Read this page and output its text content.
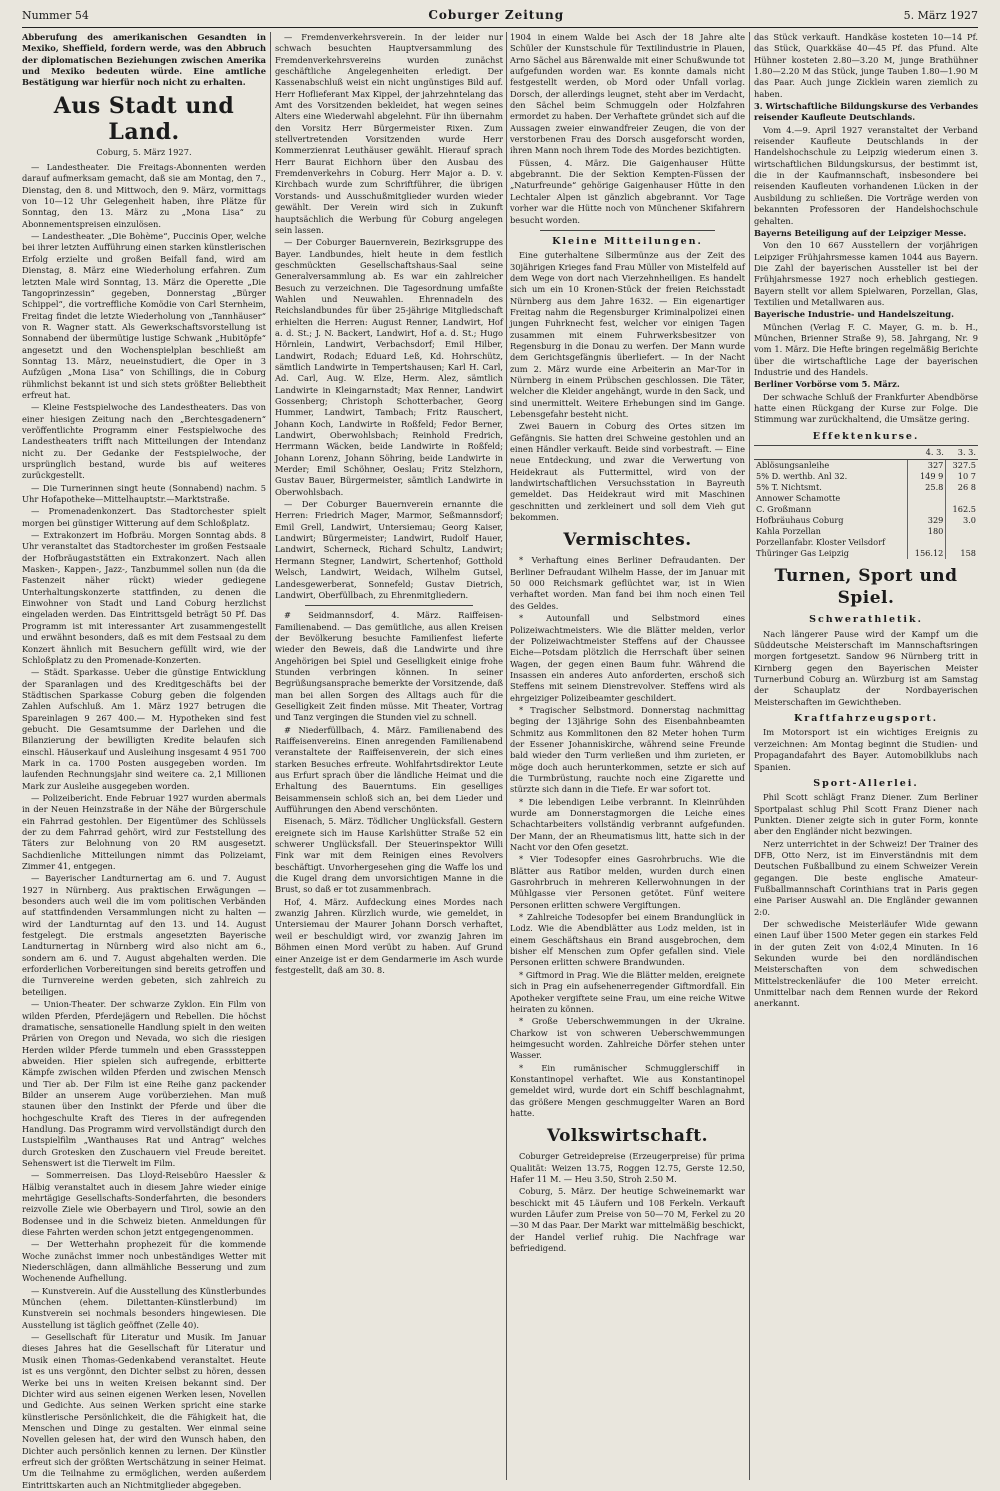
Nummer 54	Coburger Zeitung	5. März 1927

Abberufung des amerikanischen Gesandten in Mexiko, Sheffield, fordern werde, was den Abbruch der diplomatischen Beziehungen zwischen Amerika und Mexiko bedeuten würde. Eine amtliche Bestätigung war hierfür noch nicht zu erhalten.

Aus Stadt und Land.

Coburg, 5. März 1927.

— Landestheater. Die Freitags-Abonnenten werden darauf aufmerksam gemacht, daß sie am Montag, den 7., Dienstag, den 8. und Mittwoch, den 9. März, vormittags von 10—12 Uhr Gelegenheit haben, ihre Plätze für Sonntag, den 13. März zu „Mona Lisa“ zu Abonnementspreisen einzulösen.

— Landestheater. „Die Bohème“, Puccinis Oper, welche bei ihrer letzten Aufführung einen starken künstlerischen Erfolg erzielte und großen Beifall fand, wird am Dienstag, 8. März eine Wiederholung erfahren. Zum letzten Male wird Sonntag, 13. März die Operette „Die Tangoprinzessin“ gegeben, Donnerstag „Bürger Schippel“, die vortreffliche Komödie von Carl Sternheim, Freitag findet die letzte Wiederholung von „Tannhäuser“ von R. Wagner statt. Als Gewerkschaftsvorstellung ist Sonnabend der übermütige lustige Schwank „Hubitöpfe“ angesetzt und den Wochenspielplan beschließt am Sonntag 13. März, neueinstudiert, die Oper in 3 Aufzügen „Mona Lisa“ von Schillings, die in Coburg rühmlichst bekannt ist und sich stets größter Beliebtheit erfreut hat.

— Kleine Festspielwoche des Landestheaters. Das von einer hiesigen Zeitung nach den „Berchtesgadenern“ veröffentlichte Programm einer Festspielwoche des Landestheaters trifft nach Mitteilungen der Intendanz nicht zu. Der Gedanke der Festspielwoche, der ursprünglich bestand, wurde bis auf weiteres zurückgestellt.

— Die Turnerinnen singt heute (Sonnabend) nachm. 5 Uhr Hofapotheke—Mittelhauptstr.—Marktstraße.

— Promenadenkonzert. Das Stadtorchester spielt morgen bei günstiger Witterung auf dem Schloßplatz.

— Extrakonzert im Hofbräu. Morgen Sonntag abds. 8 Uhr veranstaltet das Stadtorchester im großen Festsaale der Hofbräugaststätten ein Extrakonzert. Nach allen Masken-, Kappen-, Jazz-, Tanzbummel sollen nun (da die Fastenzeit näher rückt) wieder gediegene Unterhaltungskonzerte stattfinden, zu denen die Einwohner von Stadt und Land Coburg herzlichst eingeladen werden. Das Eintrittsgeld beträgt 50 Pf. Das Programm ist mit interessanter Art zusammengestellt und erwähnt besonders, daß es mit dem Festsaal zu dem Konzert ähnlich mit Besuchern gefüllt wird, wie der Schloßplatz zu den Promenade-Konzerten.

— Städt. Sparkasse. Ueber die günstige Entwicklung der Sparanlagen und des Kreditgeschäfts bei der Städtischen Sparkasse Coburg geben die folgenden Zahlen Aufschluß. Am 1. März 1927 betrugen die Spareinlagen 9 267 400.— M. Hypotheken sind fest gebucht. Die Gesamtsumme der Darlehen und die Bilanzierung der bewilligten Kredite belaufen sich einschl. Häuserkauf und Ausleihung insgesamt 4 951 700 Mark in ca. 1700 Posten ausgegeben worden. Im laufenden Rechnungsjahr sind weitere ca. 2,1 Millionen Mark zur Ausleihe ausgegeben worden.

— Polizeibericht. Ende Februar 1927 wurden abermals in der Neuen Heinzstraße in der Nähe der Bürgerschule ein Fahrrad gestohlen. Der Eigentümer des Schlüssels der zu dem Fahrrad gehört, wird zur Feststellung des Täters zur Belohnung von 20 RM ausgesetzt. Sachdienliche Mitteilungen nimmt das Polizeiamt, Zimmer 41, entgegen.

— Bayerischer Landturnertag am 6. und 7. August 1927 in Nürnberg. Aus praktischen Erwägungen — besonders auch weil die im vom politischen Verbänden auf stattfindenden Versammlungen nicht zu halten — wird der Landturntag auf den 13. und 14. August festgelegt. Die erstmals angesetzten Bayerische Landturnertag in Nürnberg wird also nicht am 6., sondern am 6. und 7. August abgehalten werden. Die erforderlichen Vorbereitungen sind bereits getroffen und die Turnvereine werden gebeten, sich zahlreich zu beteiligen.

— Union-Theater. Der schwarze Zyklon. Ein Film von wilden Pferden, Pferdejägern und Rebellen. Die höchst dramatische, sensationelle Handlung spielt in den weiten Prärien von Oregon und Nevada, wo sich die riesigen Herden wilder Pferde tummeln und eben Grasssteppen abweiden. Hier spielen sich aufregende, erbitterte Kämpfe zwischen wilden Pferden und zwischen Mensch und Tier ab. Der Film ist eine Reihe ganz packender Bilder an unserem Auge vorüberziehen. Man muß staunen über den Instinkt der Pferde und über die hochgeschulte Kraft des Tieres in der aufregenden Handlung. Das Programm wird vervollständigt durch den Lustspielfilm „Wanthauses Rat und Antrag“ welches durch Grotesken den Zuschauern viel Freude bereitet. Sehenswert ist die Tierwelt im Film.

— Sommerreisen. Das Lloyd-Reisebüro Haessler & Hälbig veranstaltet auch in diesem Jahre wieder einige mehrtägige Gesellschafts-Sonderfahrten, die besonders reizvolle Ziele wie Oberbayern und Tirol, sowie an den Bodensee und in die Schweiz bieten. Anmeldungen für diese Fahrten werden schon jetzt entgegengenommen.

— Der Wetterhahn prophezeit für die kommende Woche zunächst immer noch unbeständiges Wetter mit Niederschlägen, dann allmähliche Besserung und zum Wochenende Aufhellung.

— Kunstverein. Auf die Ausstellung des Künstlerbundes München (ehem. Dilettanten-Künstlerbund) im Kunstverein sei nochmals besonders hingewiesen. Die Ausstellung ist täglich geöffnet (Zelle 40).

— Gesellschaft für Literatur und Musik. Im Januar dieses Jahres hat die Gesellschaft für Literatur und Musik einen Thomas-Gedenkabend veranstaltet. Heute ist es uns vergönnt, den Dichter selbst zu hören, dessen Werke bei uns in weiten Kreisen bekannt sind. Der Dichter wird aus seinen eigenen Werken lesen, Novellen und Gedichte. Aus seinen Werken spricht eine starke künstlerische Persönlichkeit, die die Fähigkeit hat, die Menschen und Dinge zu gestalten. Wer einmal seine Novellen gelesen hat, der wird den Wunsch haben, den Dichter auch persönlich kennen zu lernen. Der Künstler erfreut sich der größten Wertschätzung in seiner Heimat. Um die Teilnahme zu ermöglichen, werden außerdem Eintrittskarten auch an Nichtmitglieder abgegeben.

— Fremdenverkehrsverein. In der leider nur schwach besuchten Hauptversammlung des Fremdenverkehrsvereins wurden zunächst geschäftliche Angelegenheiten erledigt. Der Kassenabschluß weist ein nicht ungünstiges Bild auf. Herr Hoflieferant Max Kippel, der jahrzehntelang das Amt des Vorsitzenden bekleidet, hat wegen seines Alters eine Wiederwahl abgelehnt. Für ihn übernahm den Vorsitz Herr Bürgermeister Rixen. Zum stellvertretenden Vorsitzenden wurde Herr Kommerzienrat Leuthäuser gewählt. Hierauf sprach Herr Baurat Eichhorn über den Ausbau des Fremdenverkehrs in Coburg. Herr Major a. D. v. Kirchbach wurde zum Schriftführer, die übrigen Vorstands- und Ausschußmitglieder wurden wieder gewählt. Der Verein wird sich in Zukunft hauptsächlich die Werbung für Coburg angelegen sein lassen.

— Der Coburger Bauernverein, Bezirksgruppe des Bayer. Landbundes, hielt heute in dem festlich geschmückten Gesellschaftshaus-Saal seine Generalversammlung ab. Es war ein zahlreicher Besuch zu verzeichnen. Die Tagesordnung umfaßte Wahlen und Neuwahlen. Ehrennadeln des Reichslandbundes für über 25-jährige Mitgliedschaft erhielten die Herren: August Renner, Landwirt, Hof a. d. St.; J. N. Backert, Landwirt, Hof a. d. St.; Hugo Hörnlein, Landwirt, Verbachsdorf; Emil Hilber, Landwirt, Rodach; Eduard Leß, Kd. Hohrschütz, sämtlich Landwirte in Tempertshausen; Karl H. Carl, Ad. Carl, Aug. W. Elze, Herm. Alez, sämtlich Landwirte in Kleingarnstadt; Max Renner, Landwirt Gossenberg; Christoph Schotterbacher, Georg Hummer, Landwirt, Tambach; Fritz Rauschert, Johann Koch, Landwirte in Roßfeld; Fedor Berner, Landwirt, Oberwohlsbach; Reinhold Fredrich, Herrmann Wäcken, beide Landwirte in Roßfeld; Johann Lorenz, Johann Söhring, beide Landwirte in Merder; Emil Schöhner, Oeslau; Fritz Stelzhorn, Gustav Bauer, Bürgermeister, sämtlich Landwirte in Oberwohlsbach.

— Der Coburger Bauernverein ernannte die Herren: Friedrich Mager, Marmor, Seßmannsdorf; Emil Grell, Landwirt, Untersiemau; Georg Kaiser, Landwirt; Bürgermeister; Landwirt, Rudolf Hauer, Landwirt, Scherneck, Richard Schultz, Landwirt; Hermann Stegner, Landwirt, Schertenhof; Gotthold Welsch, Landwirt, Weidach, Wilhelm Gutsel, Landesgewerberat, Sonnefeld; Gustav Dietrich, Landwirt, Oberfüllbach, zu Ehrenmitgliedern.

# Seidmannsdorf, 4. März. Raiffeisen-Familienabend. — Das gemütliche, aus allen Kreisen der Bevölkerung besuchte Familienfest lieferte wieder den Beweis, daß die Landwirte und ihre Angehörigen bei Spiel und Geselligkeit einige frohe Stunden verbringen können. In seiner Begrüßungsansprache bemerkte der Vorsitzende, daß man bei allen Sorgen des Alltags auch für die Geselligkeit Zeit finden müsse. Mit Theater, Vortrag und Tanz vergingen die Stunden viel zu schnell.

# Niederfüllbach, 4. März. Familienabend des Raiffeisenvereins. Einen anregenden Familienabend veranstaltete der Raiffeisenverein, der sich eines starken Besuches erfreute. Wohlfahrtsdirektor Leute aus Erfurt sprach über die ländliche Heimat und die Erhaltung des Bauerntums. Ein geselliges Beisammensein schloß sich an, bei dem Lieder und Aufführungen den Abend verschönten.

Eisenach, 5. März. Tödlicher Unglücksfall. Gestern ereignete sich im Hause Karlshütter Straße 52 ein schwerer Unglücksfall. Der Steuerinspektor Willi Fink war mit dem Reinigen eines Revolvers beschäftigt. Unvorhergesehen ging die Waffe los und die Kugel drang dem unvorsichtigen Manne in die Brust, so daß er tot zusammenbrach.

Hof, 4. März. Aufdeckung eines Mordes nach zwanzig Jahren. Kürzlich wurde, wie gemeldet, in Untersiemau der Maurer Johann Dorsch verhaftet, weil er beschuldigt wird, vor zwanzig Jahren im Böhmen einen Mord verübt zu haben. Auf Grund einer Anzeige ist er dem Gendarmerie im Asch wurde festgestellt, daß am 30. 8.

1904 in einem Walde bei Asch der 18 Jahre alte Schüler der Kunstschule für Textilindustrie in Plauen, Arno Sächel aus Bärenwalde mit einer Schußwunde tot aufgefunden worden war. Es konnte damals nicht festgestellt werden, ob Mord oder Unfall vorlag. Dorsch, der allerdings leugnet, steht aber im Verdacht, den Sächel beim Schmuggeln oder Holzfahren ermordet zu haben. Der Verhaftete gründet sich auf die Aussagen zweier einwandfreier Zeugen, die von der verstorbenen Frau des Dorsch ausgeforscht worden, ihren Mann noch ihrem Tode des Mordes bezichtigten.

Füssen, 4. März. Die Gaigenhauser Hütte abgebrannt. Die der Sektion Kempten-Füssen der „Naturfreunde“ gehörige Gaigenhauser Hütte in den Lechtaler Alpen ist gänzlich abgebrannt. Vor Tage vorher war die Hütte noch von Münchener Skifahrern besucht worden.

Kleine Mitteilungen.

Eine guterhaltene Silbermünze aus der Zeit des 30jährigen Krieges fand Frau Müller von Mistelfeld auf dem Wege von dort nach Vierzehnheiligen. Es handelt sich um ein 10 Kronen-Stück der freien Reichsstadt Nürnberg aus dem Jahre 1632. — Ein eigenartiger Freitag nahm die Regensburger Kriminalpolizei einen jungen Fuhrknecht fest, welcher vor einigen Tagen zusammen mit einem Fuhrwerksbesitzer von Regensburg in die Donau zu werfen. Der Mann wurde dem Gerichtsgefängnis überliefert. — In der Nacht zum 2. März wurde eine Arbeiterin an Mar-Tor in Nürnberg in einem Prübschen geschlossen. Die Täter, welcher die Kleider angehängt, wurde in den Sack, und sind unermittelt. Weitere Erhebungen sind im Gange. Lebensgefahr besteht nicht.

Zwei Bauern in Coburg des Ortes sitzen im Gefängnis. Sie hatten drei Schweine gestohlen und an einen Händler verkauft. Beide sind vorbestraft. — Eine neue Entdeckung, und zwar die Verwertung von Heidekraut als Futtermittel, wird von der landwirtschaftlichen Versuchsstation in Bayreuth gemeldet. Das Heidekraut wird mit Maschinen geschnitten und zerkleinert und soll dem Vieh gut bekommen.

Vermischtes.

* Verhaftung eines Berliner Defraudanten. Der Berliner Defraudant Wilhelm Hasse, der im Januar mit 50 000 Reichsmark geflüchtet war, ist in Wien verhaftet worden. Man fand bei ihm noch einen Teil des Geldes.

* Autounfall und Selbstmord eines Polizeiwachtmeisters. Wie die Blätter melden, verlor der Polizeiwachtmeister Steffens auf der Chaussee Eiche—Potsdam plötzlich die Herrschaft über seinen Wagen, der gegen einen Baum fuhr. Während die Insassen ein anderes Auto anforderten, erschoß sich Steffens mit seinem Dienstrevolver. Steffens wird als ehrgeiziger Polizeibeamter geschildert.

* Tragischer Selbstmord. Donnerstag nachmittag beging der 13jährige Sohn des Eisenbahnbeamten Schmitz aus Kommlitonen den 82 Meter hohen Turm der Essener Johanniskirche, während seine Freunde bald wieder den Turm verließen und ihm zurieten, er möge doch auch herunterkommen, setzte er sich auf die Turmbrüstung, rauchte noch eine Zigarette und stürzte sich dann in die Tiefe. Er war sofort tot.

* Die lebendigen Leibe verbrannt. In Kleinrühden wurde am Donnerstagmorgen die Leiche eines Schachtarbeiters vollständig verbrannt aufgefunden. Der Mann, der an Rheumatismus litt, hatte sich in der Nacht vor den Ofen gesetzt.

* Vier Todesopfer eines Gasrohrbruchs. Wie die Blätter aus Ratibor melden, wurden durch einen Gasrohrbruch in mehreren Kellerwohnungen in der Mühlgasse vier Personen getötet. Fünf weitere Personen erlitten schwere Vergiftungen.

* Zahlreiche Todesopfer bei einem Brandunglück in Lodz. Wie die Abendblätter aus Lodz melden, ist in einem Geschäftshaus ein Brand ausgebrochen, dem bisher elf Menschen zum Opfer gefallen sind. Viele Personen erlitten schwere Brandwunden.

* Giftmord in Prag. Wie die Blätter melden, ereignete sich in Prag ein aufsehenerregender Giftmordfall. Ein Apotheker vergiftete seine Frau, um eine reiche Witwe heiraten zu können.

* Große Ueberschwemmungen in der Ukraine. Charkow ist von schweren Ueberschwemmungen heimgesucht worden. Zahlreiche Dörfer stehen unter Wasser.

* Ein rumänischer Schmugglerschiff in Konstantinopel verhaftet. Wie aus Konstantinopel gemeldet wird, wurde dort ein Schiff beschlagnahmt, das größere Mengen geschmuggelter Waren an Bord hatte.

Volkswirtschaft.

Coburger Getreidepreise (Erzeugerpreise) für prima Qualität: Weizen 13.75, Roggen 12.75, Gerste 12.50, Hafer 11 M. — Heu 3.50, Stroh 2.50 M.

Coburg, 5. März. Der heutige Schweinemarkt war beschickt mit 45 Läufern und 108 Ferkeln. Verkauft wurden Läufer zum Preise von 50—70 M, Ferkel zu 20—30 M das Paar. Der Markt war mittelmäßig beschickt, der Handel verlief ruhig. Die Nachfrage war befriedigend.

das Stück verkauft. Handkäse kosteten 10—14 Pf. das Stück, Quarkkäse 40—45 Pf. das Pfund. Alte Hühner kosteten 2.80—3.20 M, junge Brathühner 1.80—2.20 M das Stück, junge Tauben 1.80—1.90 M das Paar. Auch junge Zicklein waren ziemlich zu haben.

3. Wirtschaftliche Bildungskurse des Verbandes reisender Kaufleute Deutschlands.

Vom 4.—9. April 1927 veranstaltet der Verband reisender Kaufleute Deutschlands in der Handelshochschule zu Leipzig wiederum einen 3. wirtschaftlichen Bildungskursus, der bestimmt ist, die in der Kaufmannschaft, insbesondere bei reisenden Kaufleuten vorhandenen Lücken in der Ausbildung zu schließen. Die Vorträge werden von bekannten Professoren der Handelshochschule gehalten.

Bayerns Beteiligung auf der Leipziger Messe.

Von den 10 667 Ausstellern der vorjährigen Leipziger Frühjahrsmesse kamen 1044 aus Bayern. Die Zahl der bayerischen Aussteller ist bei der Frühjahrsmesse 1927 noch erheblich gestiegen. Bayern stellt vor allem Spielwaren, Porzellan, Glas, Textilien und Metallwaren aus.

Bayerische Industrie- und Handelszeitung.

München (Verlag F. C. Mayer, G. m. b. H., München, Brienner Straße 9), 58. Jahrgang, Nr. 9 vom 1. März. Die Hefte bringen regelmäßig Berichte über die wirtschaftliche Lage der bayerischen Industrie und des Handels.

Berliner Vorbörse vom 5. März.

Der schwache Schluß der Frankfurter Abendbörse hatte einen Rückgang der Kurse zur Folge. Die Stimmung war zurückhaltend, die Umsätze gering.

Effektenkurse.
	4. 3.	3. 3.
Ablösungsanleihe	327	327.5
5% D. werthb. Anl 32.	149 9	10 7
5% T. Nichtsmt.	25.8	26 8

Annower Schamotte		
C. Großmann		162.5
Hofbräuhaus Coburg	329	3.0
Kahla Porzellan	180	
Porzellanfabr. Kloster Veilsdorf		
Thüringer Gas Leipzig	156.12	158
Turnen, Sport und Spiel.
Schwerathletik.

Nach längerer Pause wird der Kampf um die Süddeutsche Meisterschaft im Mannschaftsringen morgen fortgesetzt. Sandow 96 Nürnberg tritt in Kirnberg gegen den Bayerischen Meister Turnerbund Coburg an. Würzburg ist am Samstag der Schauplatz der Nordbayerischen Meisterschaften im Gewichtheben.

Kraftfahrzeugsport.

Im Motorsport ist ein wichtiges Ereignis zu verzeichnen: Am Montag beginnt die Studien- und Propagandafahrt des Bayer. Automobilklubs nach Spanien.

Sport-Allerlei.

Phil Scott schlägt Franz Diener. Zum Berliner Sportpalast schlug Phil Scott Franz Diener nach Punkten. Diener zeigte sich in guter Form, konnte aber den Engländer nicht bezwingen.

Nerz unterrichtet in der Schweiz! Der Trainer des DFB, Otto Nerz, ist im Einverständnis mit dem Deutschen Fußballbund zu einem Schweizer Verein gegangen. Die beste englische Amateur-Fußballmannschaft Corinthians trat in Paris gegen eine Pariser Auswahl an. Die Engländer gewannen 2:0.

Der schwedische Meisterläufer Wide gewann einen Lauf über 1500 Meter gegen ein starkes Feld in der guten Zeit von 4:02,4 Minuten. In 16 Sekunden wurde bei den nordländischen Meisterschaften von dem schwedischen Mittelstreckenläufer die 100 Meter erreicht. Unmittelbar nach dem Rennen wurde der Rekord anerkannt.
